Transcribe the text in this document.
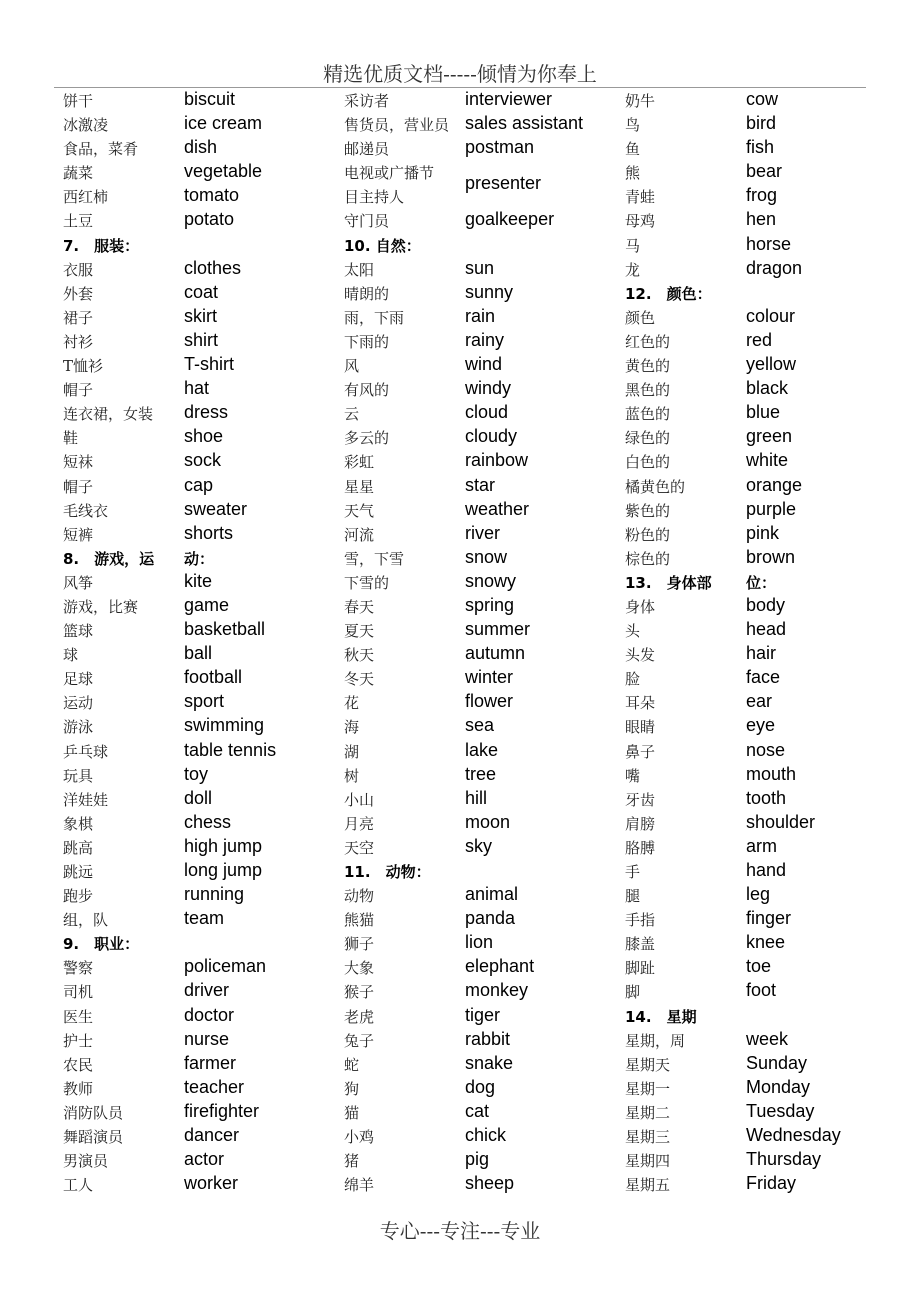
精选优质文档-----倾情为你奉上
饼干	biscuit
冰激凌	ice cream
食品，菜肴	dish
蔬菜	vegetable
西红柿	tomato
土豆	potato
7.　服装：
衣服	clothes
外套	coat
裙子	skirt
衬衫	shirt
T恤衫	T-shirt
帽子	hat
连衣裙，女装 dress
鞋	shoe
短袜	sock
帽子	cap
毛线衣	sweater
短裤	shorts
8.　游戏，运 动：
风筝	kite
游戏，比赛	game
篮球	basketball
球	ball
足球	football
运动	sport
游泳	swimming
乒乓球	table tennis
玩具	toy
洋娃娃	doll
象棋	chess
跳高	high jump
跳远	long jump
跑步	running
组，队	team
9.　职业：
警察	policeman
司机	driver
医生	doctor
护士	nurse
农民	farmer
教师	teacher
消防队员	firefighter
舞蹈演员	dancer
男演员	actor
工人	worker
采访者	interviewer
售货员，营业员 sales assistant
邮递员	postman
电视或广播节
目主持人
presenter
守门员	goalkeeper
10. 自然：
太阳	sun
晴朗的	sunny
雨，下雨	rain
下雨的	rainy
风	wind
有风的	windy
云	cloud
多云的	cloudy
彩虹	rainbow
星星	star
天气	weather
河流	river
雪，下雪	snow
下雪的	snowy
春天	spring
夏天	summer
秋天	autumn
冬天	winter
花	flower
海	sea
湖	lake
树	tree
小山	hill
月亮	moon
天空	sky
11.　动物：
动物	animal
熊猫	panda
狮子	lion
大象	elephant
猴子	monkey
老虎	tiger
兔子	rabbit
蛇	snake
狗	dog
猫	cat
小鸡	chick
猪	pig
绵羊	sheep
奶牛	cow
鸟	bird
鱼	fish
熊	bear
青蛙	frog
母鸡	hen
马	horse
龙	dragon
12.　颜色：
颜色	colour
红色的	red
黄色的	yellow
黑色的	black
蓝色的	blue
绿色的	green
白色的	white
橘黄色的	orange
紫色的	purple
粉色的	pink
棕色的	brown
13.　身体部 位：
身体	body
头	head
头发	hair
脸	face
耳朵	ear
眼睛	eye
鼻子	nose
嘴	mouth
牙齿	tooth
肩膀	shoulder
胳膊	arm
手	hand
腿	leg
手指	finger
膝盖	knee
脚趾	toe
脚	foot
14.　星期
星期，周	week
星期天	Sunday
星期一	Monday
星期二	Tuesday
星期三	Wednesday
星期四	Thursday
星期五	Friday
专心---专注---专业
